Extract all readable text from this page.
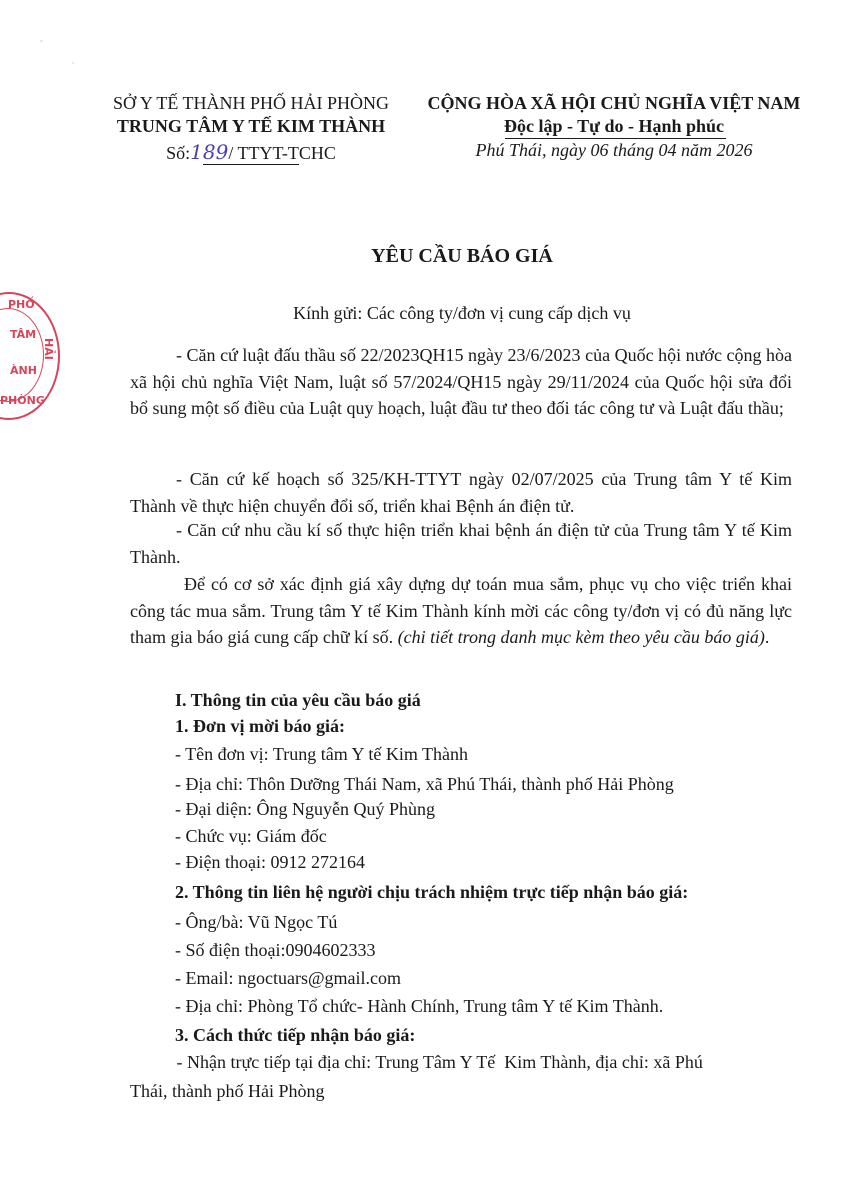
SỞ Y TẾ THÀNH PHỐ HẢI PHÒNG
TRUNG TÂM Y TẾ KIM THÀNH
Số:189/ TTYT-TCHC
CỘNG HÒA XÃ HỘI CHỦ NGHĨA VIỆT NAM
Độc lập - Tự do - Hạnh phúc
Phú Thái, ngày 06 tháng 04 năm 2026
YÊU CẦU BÁO GIÁ
Kính gửi: Các công ty/đơn vị cung cấp dịch vụ
- Căn cứ luật đấu thầu số 22/2023QH15 ngày 23/6/2023 của Quốc hội nước cộng hòa xã hội chủ nghĩa Việt Nam, luật số 57/2024/QH15 ngày 29/11/2024 của Quốc hội sửa đổi bổ sung một số điều của Luật quy hoạch, luật đầu tư theo đối tác công tư và Luật đấu thầu;
- Căn cứ kế hoạch số 325/KH-TTYT ngày 02/07/2025 của Trung tâm Y tế Kim Thành về thực hiện chuyển đổi số, triển khai Bệnh án điện tử.
- Căn cứ nhu cầu kí số thực hiện triển khai bệnh án điện tử của Trung tâm Y tế Kim Thành.
Để có cơ sở xác định giá xây dựng dự toán mua sắm, phục vụ cho việc triển khai công tác mua sắm. Trung tâm Y tế Kim Thành kính mời các công ty/đơn vị có đủ năng lực tham gia báo giá cung cấp chữ kí số. (chi tiết trong danh mục kèm theo yêu cầu báo giá).
I. Thông tin của yêu cầu báo giá
1. Đơn vị mời báo giá:
- Tên đơn vị: Trung tâm Y tế Kim Thành
- Địa chỉ: Thôn Dưỡng Thái Nam, xã Phú Thái, thành phố Hải Phòng
- Đại diện: Ông Nguyễn Quý Phùng
- Chức vụ: Giám đốc
- Điện thoại: 0912 272164
2. Thông tin liên hệ người chịu trách nhiệm trực tiếp nhận báo giá:
- Ông/bà: Vũ Ngọc Tú
- Số điện thoại:0904602333
- Email: ngoctuars@gmail.com
- Địa chỉ: Phòng Tổ chức- Hành Chính, Trung tâm Y tế Kim Thành.
3. Cách thức tiếp nhận báo giá:
- Nhận trực tiếp tại địa chỉ: Trung Tâm Y Tế  Kim Thành, địa chỉ: xã Phú
Thái, thành phố Hải Phòng
PHỐ
TÂM
HẢI
ÀNH
PHÒNG
